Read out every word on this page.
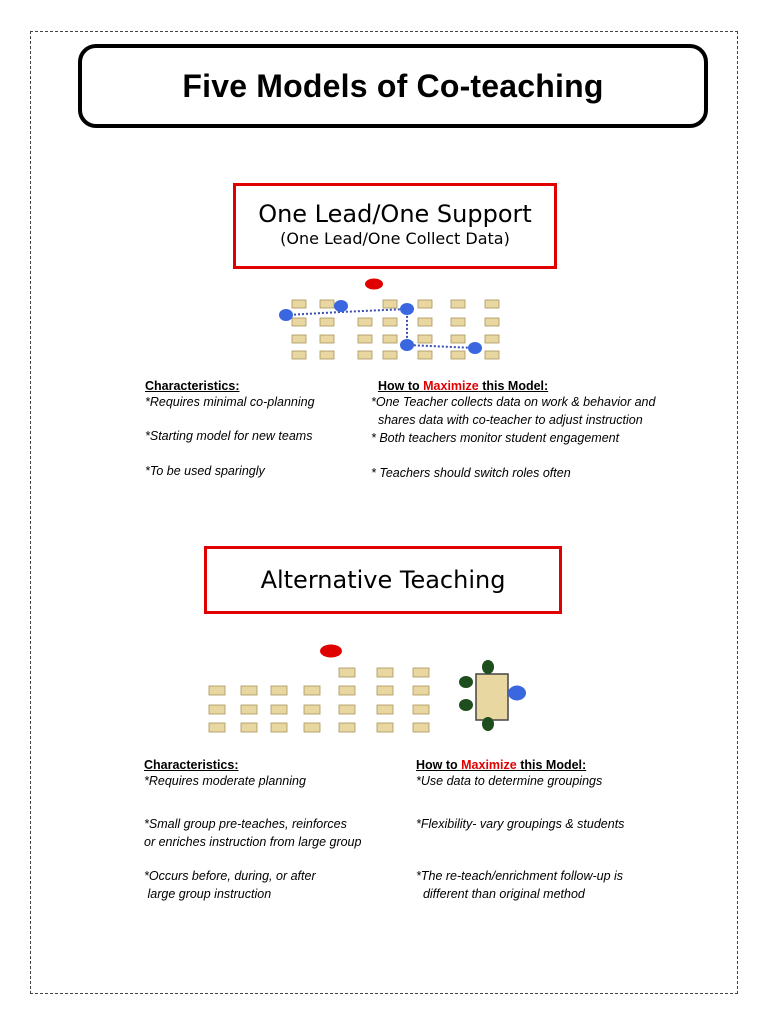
Five Models of Co-teaching
One Lead/One Support
(One Lead/One Collect Data)
Characteristics:
*Requires minimal co-planning
*Starting model for new teams
*To be used sparingly
How to Maximize this Model:
*One Teacher collects data on work & behavior and
shares data with co-teacher to adjust instruction
* Both teachers monitor student engagement
* Teachers should switch roles often
Alternative Teaching
Characteristics:
*Requires moderate planning
*Small group pre-teaches, reinforces
or enriches instruction from large group
*Occurs before, during, or after
large group instruction
How to Maximize this Model:
*Use data to determine groupings
*Flexibility- vary groupings & students
*The re-teach/enrichment follow-up is
different than original method
